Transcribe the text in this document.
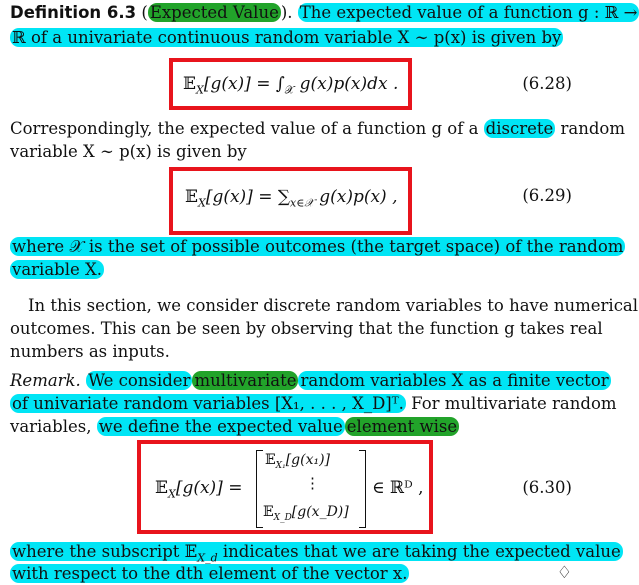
Definition 6.3 ( Expected Value ). The expected value of a function g : ℝ →
ℝ of a univariate continuous random variable X ∼ p(x) is given by
𝔼$_X$[g(x)] = $\int_𝒳$ g(x)p(x)dx .	(6.28)
Correspondingly, the expected value of a function g of a discrete random
variable X ∼ p(x) is given by
𝔼$_X$[g(x)] = $\sum_{x\in 𝒳}$ g(x)p(x) ,	(6.29)
where 𝒳 is the set of possible outcomes (the target space) of the random
variable X.
In this section, we consider discrete random variables to have numerical
outcomes. This can be seen by observing that the function g takes real
numbers as inputs.
Remark. We consider multivariate random variables X as a finite vector
of univariate random variables [X₁, . . . , X_D]ᵀ. For multivariate random
variables, we define the expected value element wise
𝔼$_X$[g(x)] =
𝔼$_{X_1}$[g(x₁)]
⋮
𝔼$_{X\_D}$[g(x_D)]
∈ ℝᴰ ,	(6.30)
where the subscript 𝔼$_{X\_d}$ indicates that we are taking the expected value
with respect to the dth element of the vector x.	♢
